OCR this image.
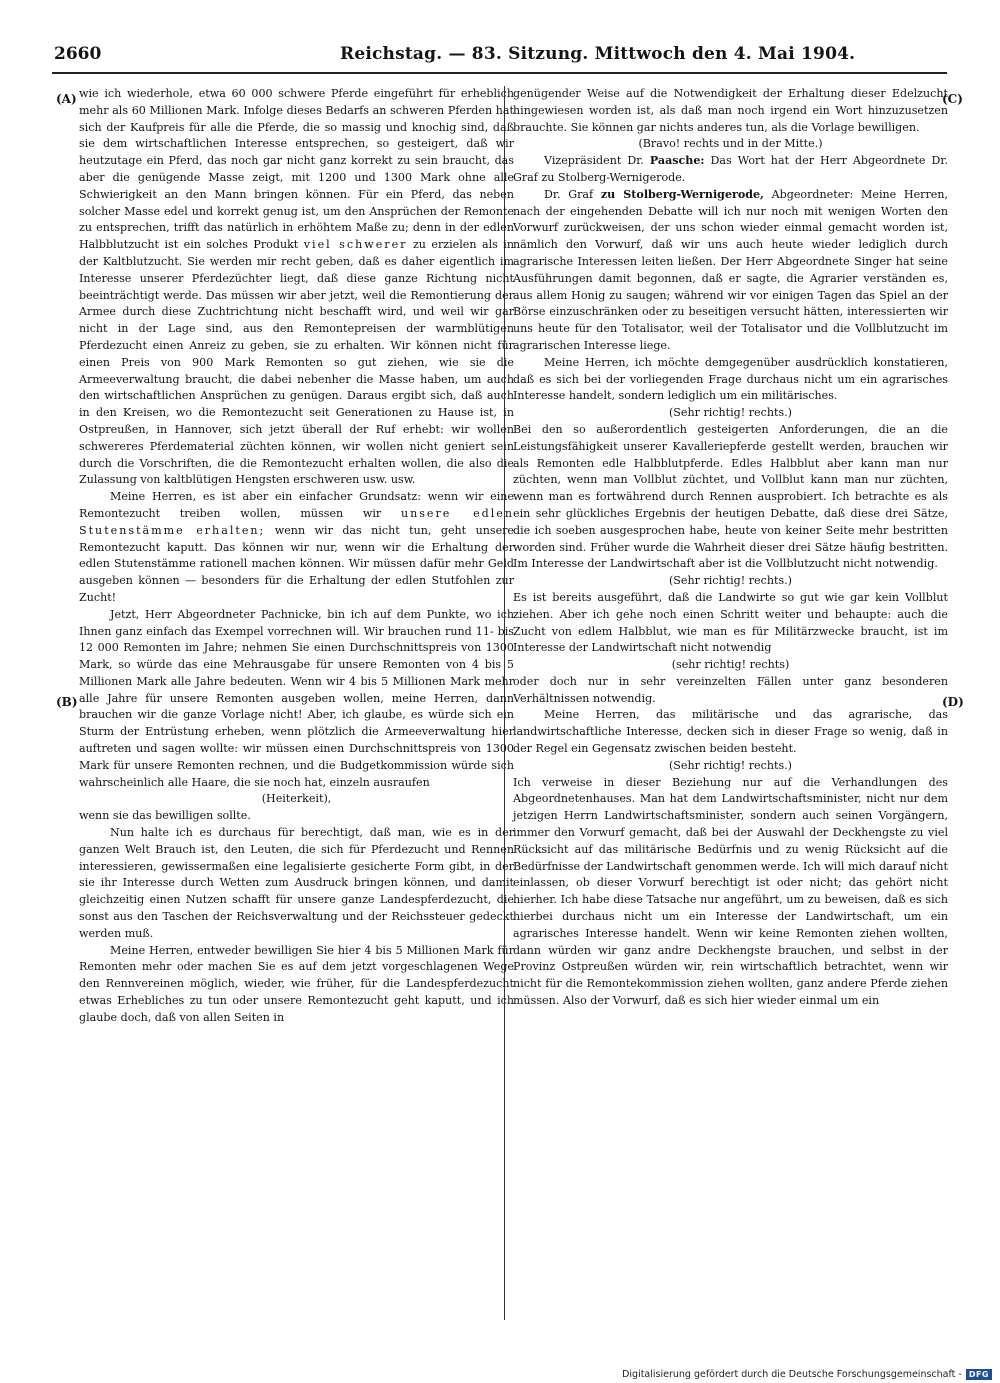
2660	Reichstag. — 83. Sitzung. Mittwoch den 4. Mai 1904.
(A)
(B)
(C)
(D)

wie ich wiederhole, etwa 60 000 schwere Pferde eingeführt für erheblich mehr als 60 Millionen Mark. Infolge dieses Bedarfs an schweren Pferden hat sich der Kaufpreis für alle die Pferde, die so massig und knochig sind, daß sie dem wirtschaftlichen Interesse entsprechen, so gesteigert, daß wir heutzutage ein Pferd, das noch gar nicht ganz korrekt zu sein braucht, das aber die genügende Masse zeigt, mit 1200 und 1300 Mark ohne alle Schwierigkeit an den Mann bringen können. Für ein Pferd, das neben solcher Masse edel und korrekt genug ist, um den Ansprüchen der Remonte zu entsprechen, trifft das natürlich in erhöhtem Maße zu; denn in der edlen Halbblutzucht ist ein solches Produkt viel schwerer zu erzielen als in der Kaltblutzucht. Sie werden mir recht geben, daß es daher eigentlich im Interesse unserer Pferdezüchter liegt, daß diese ganze Richtung nicht beeinträchtigt werde. Das müssen wir aber jetzt, weil die Remontierung der Armee durch diese Zuchtrichtung nicht beschafft wird, und weil wir gar nicht in der Lage sind, aus den Remontepreisen der warmblütigen Pferdezucht einen Anreiz zu geben, sie zu erhalten. Wir können nicht für einen Preis von 900 Mark Remonten so gut ziehen, wie sie die Armeeverwaltung braucht, die dabei nebenher die Masse haben, um auch den wirtschaftlichen Ansprüchen zu genügen. Daraus ergibt sich, daß auch in den Kreisen, wo die Remontezucht seit Generationen zu Hause ist, in Ostpreußen, in Hannover, sich jetzt überall der Ruf erhebt: wir wollen schwereres Pferdematerial züchten können, wir wollen nicht geniert sein durch die Vorschriften, die die Remontezucht erhalten wollen, die also die Zulassung von kaltblütigen Hengsten erschweren usw. usw.

Meine Herren, es ist aber ein einfacher Grundsatz: wenn wir eine Remontezucht treiben wollen, müssen wir unsere edlen Stutenstämme erhalten; wenn wir das nicht tun, geht unsere Remontezucht kaputt. Das können wir nur, wenn wir die Erhaltung der edlen Stutenstämme rationell machen können. Wir müssen dafür mehr Geld ausgeben können — besonders für die Erhaltung der edlen Stutfohlen zur Zucht!

Jetzt, Herr Abgeordneter Pachnicke, bin ich auf dem Punkte, wo ich Ihnen ganz einfach das Exempel vorrechnen will. Wir brauchen rund 11- bis 12 000 Remonten im Jahre; nehmen Sie einen Durchschnittspreis von 1300 Mark, so würde das eine Mehrausgabe für unsere Remonten von 4 bis 5 Millionen Mark alle Jahre bedeuten. Wenn wir 4 bis 5 Millionen Mark mehr alle Jahre für unsere Remonten ausgeben wollen, meine Herren, dann brauchen wir die ganze Vorlage nicht! Aber, ich glaube, es würde sich ein Sturm der Entrüstung erheben, wenn plötzlich die Armeeverwaltung hier auftreten und sagen wollte: wir müssen einen Durchschnittspreis von 1300 Mark für unsere Remonten rechnen, und die Budgetkommission würde sich wahrscheinlich alle Haare, die sie noch hat, einzeln ausraufen

(Heiterkeit),

wenn sie das bewilligen sollte.

Nun halte ich es durchaus für berechtigt, daß man, wie es in der ganzen Welt Brauch ist, den Leuten, die sich für Pferdezucht und Rennen interessieren, gewissermaßen eine legalisierte gesicherte Form gibt, in der sie ihr Interesse durch Wetten zum Ausdruck bringen können, und damit gleichzeitig einen Nutzen schafft für unsere ganze Landespferdezucht, die sonst aus den Taschen der Reichsverwaltung und der Reichssteuer gedeckt werden muß.

Meine Herren, entweder bewilligen Sie hier 4 bis 5 Millionen Mark für Remonten mehr oder machen Sie es auf dem jetzt vorgeschlagenen Wege den Rennvereinen möglich, wieder, wie früher, für die Landespferdezucht etwas Erhebliches zu tun oder unsere Remontezucht geht kaputt, und ich glaube doch, daß von allen Seiten in

genügender Weise auf die Notwendigkeit der Erhaltung dieser Edelzucht hingewiesen worden ist, als daß man noch irgend ein Wort hinzuzusetzen brauchte. Sie können gar nichts anderes tun, als die Vorlage bewilligen.

(Bravo! rechts und in der Mitte.)

Vizepräsident Dr. Paasche: Das Wort hat der Herr Abgeordnete Dr. Graf zu Stolberg-Wernigerode.

Dr. Graf zu Stolberg-Wernigerode, Abgeordneter: Meine Herren, nach der eingehenden Debatte will ich nur noch mit wenigen Worten den Vorwurf zurückweisen, der uns schon wieder einmal gemacht worden ist, nämlich den Vorwurf, daß wir uns auch heute wieder lediglich durch agrarische Interessen leiten ließen. Der Herr Abgeordnete Singer hat seine Ausführungen damit begonnen, daß er sagte, die Agrarier verständen es, aus allem Honig zu saugen; während wir vor einigen Tagen das Spiel an der Börse einzuschränken oder zu beseitigen versucht hätten, interessierten wir uns heute für den Totalisator, weil der Totalisator und die Vollblutzucht im agrarischen Interesse liege.

Meine Herren, ich möchte demgegenüber ausdrücklich konstatieren, daß es sich bei der vorliegenden Frage durchaus nicht um ein agrarisches Interesse handelt, sondern lediglich um ein militärisches.

(Sehr richtig! rechts.)

Bei den so außerordentlich gesteigerten Anforderungen, die an die Leistungsfähigkeit unserer Kavalleriepferde gestellt werden, brauchen wir als Remonten edle Halbblutpferde. Edles Halbblut aber kann man nur züchten, wenn man Vollblut züchtet, und Vollblut kann man nur züchten, wenn man es fortwährend durch Rennen ausprobiert. Ich betrachte es als ein sehr glückliches Ergebnis der heutigen Debatte, daß diese drei Sätze, die ich soeben ausgesprochen habe, heute von keiner Seite mehr bestritten worden sind. Früher wurde die Wahrheit dieser drei Sätze häufig bestritten. Im Interesse der Landwirtschaft aber ist die Vollblutzucht nicht notwendig.

(Sehr richtig! rechts.)

Es ist bereits ausgeführt, daß die Landwirte so gut wie gar kein Vollblut ziehen. Aber ich gehe noch einen Schritt weiter und behaupte: auch die Zucht von edlem Halbblut, wie man es für Militärzwecke braucht, ist im Interesse der Landwirtschaft nicht notwendig

(sehr richtig! rechts)

oder doch nur in sehr vereinzelten Fällen unter ganz besonderen Verhältnissen notwendig.

Meine Herren, das militärische und das agrarische, das landwirtschaftliche Interesse, decken sich in dieser Frage so wenig, daß in der Regel ein Gegensatz zwischen beiden besteht.

(Sehr richtig! rechts.)

Ich verweise in dieser Beziehung nur auf die Verhandlungen des Abgeordnetenhauses. Man hat dem Landwirtschaftsminister, nicht nur dem jetzigen Herrn Landwirtschaftsminister, sondern auch seinen Vorgängern, immer den Vorwurf gemacht, daß bei der Auswahl der Deckhengste zu viel Rücksicht auf das militärische Bedürfnis und zu wenig Rücksicht auf die Bedürfnisse der Landwirtschaft genommen werde. Ich will mich darauf nicht einlassen, ob dieser Vorwurf berechtigt ist oder nicht; das gehört nicht hierher. Ich habe diese Tatsache nur angeführt, um zu beweisen, daß es sich hierbei durchaus nicht um ein Interesse der Landwirtschaft, um ein agrarisches Interesse handelt. Wenn wir keine Remonten ziehen wollten, dann würden wir ganz andre Deckhengste brauchen, und selbst in der Provinz Ostpreußen würden wir, rein wirtschaftlich betrachtet, wenn wir nicht für die Remontekommission ziehen wollten, ganz andere Pferde ziehen müssen. Also der Vorwurf, daß es sich hier wieder einmal um ein

Digitalisierung gefördert durch die Deutsche Forschungsgemeinschaft - DFG
